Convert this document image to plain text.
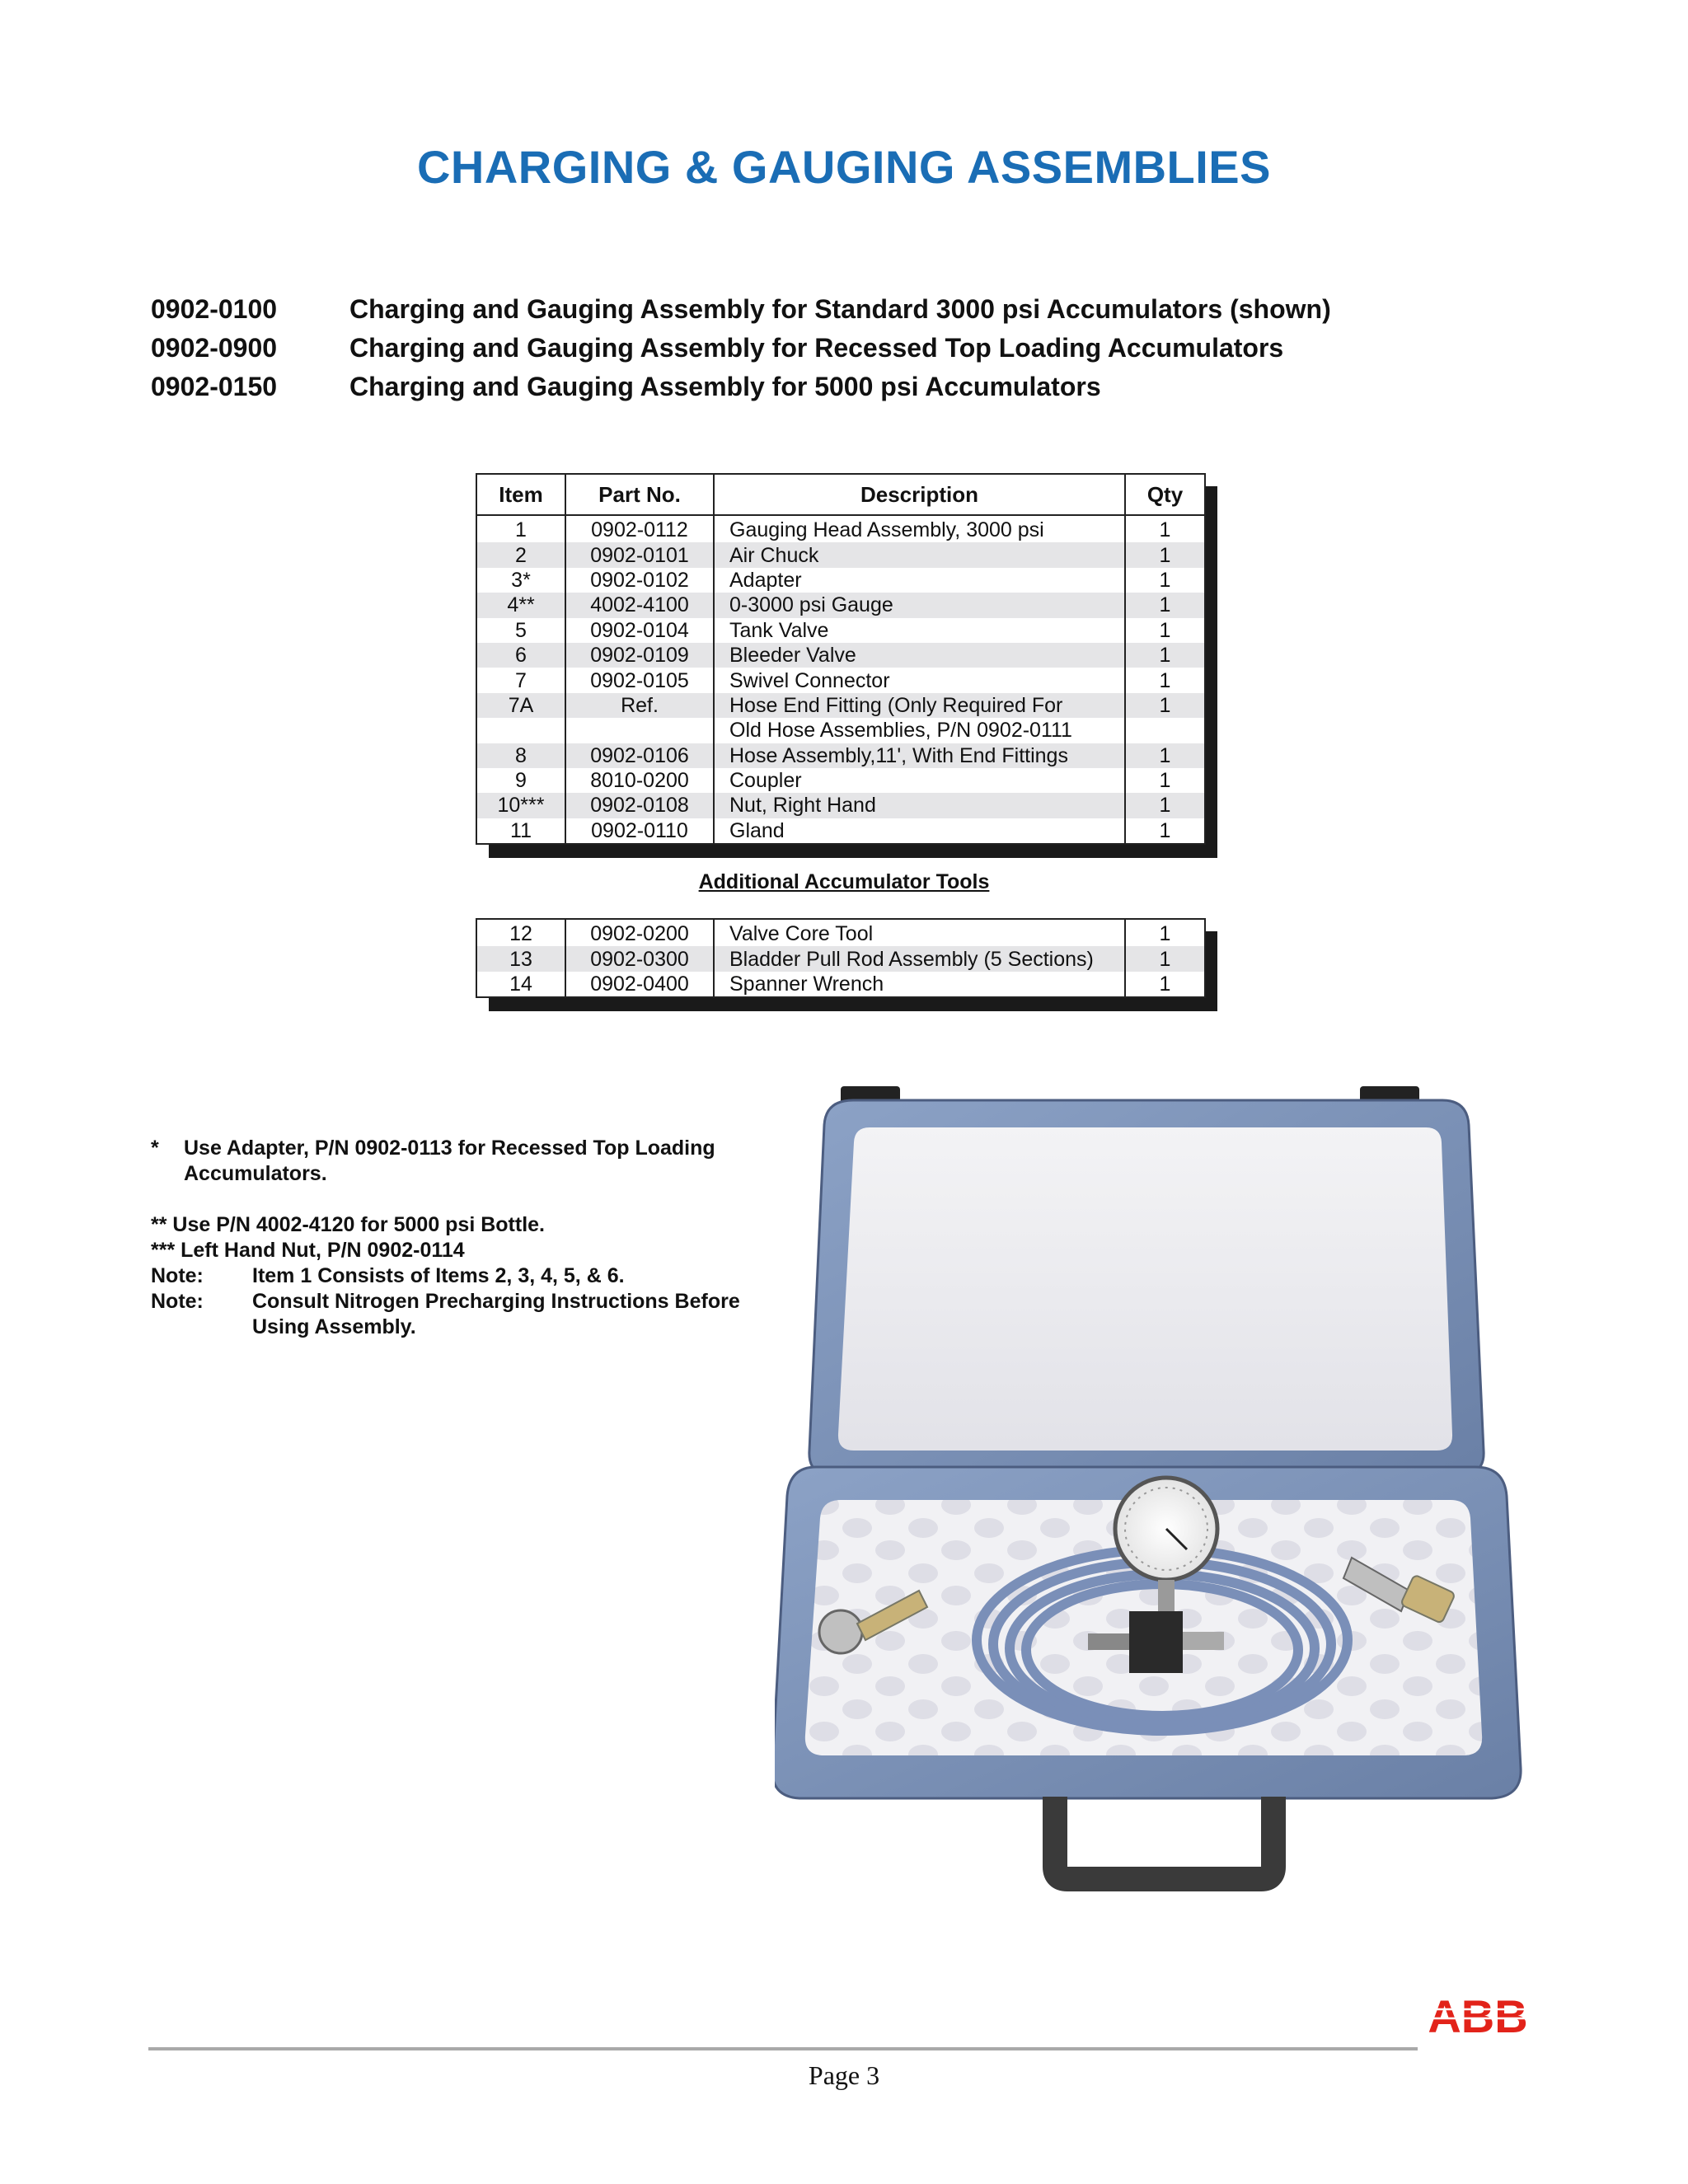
CHARGING & GAUGING ASSEMBLIES
0902-0100	Charging and Gauging Assembly for Standard 3000 psi Accumulators (shown)
0902-0900	Charging and Gauging Assembly for Recessed Top Loading Accumulators
0902-0150	Charging and Gauging Assembly for 5000 psi Accumulators
Item	Part No.	Description	Qty
1	0902-0112	Gauging Head Assembly, 3000 psi	1
2	0902-0101	Air Chuck	1
3*	0902-0102	Adapter	1
4**	4002-4100	0-3000 psi Gauge	1
5	0902-0104	Tank Valve	1
6	0902-0109	Bleeder Valve	1
7	0902-0105	Swivel Connector	1
7A	Ref.	Hose End Fitting (Only Required For	1
		Old Hose Assemblies, P/N 0902-0111	
8	0902-0106	Hose Assembly,11', With End Fittings	1
9	8010-0200	Coupler	1
10***	0902-0108	Nut, Right Hand	1
11	0902-0110	Gland	1
Additional Accumulator Tools
12	0902-0200	Valve Core Tool	1
13	0902-0300	Bladder Pull Rod Assembly (5 Sections)	1
14	0902-0400	Spanner Wrench	1
*	Use Adapter, P/N 0902-0113 for Recessed Top Loading
Accumulators.
** Use P/N 4002-4120 for 5000 psi Bottle.
*** Left Hand Nut, P/N 0902-0114
Note:	Item 1 Consists of Items 2, 3, 4, 5, & 6.
Note:	Consult Nitrogen Precharging Instructions Before
Using Assembly.
ABB
Page 3
